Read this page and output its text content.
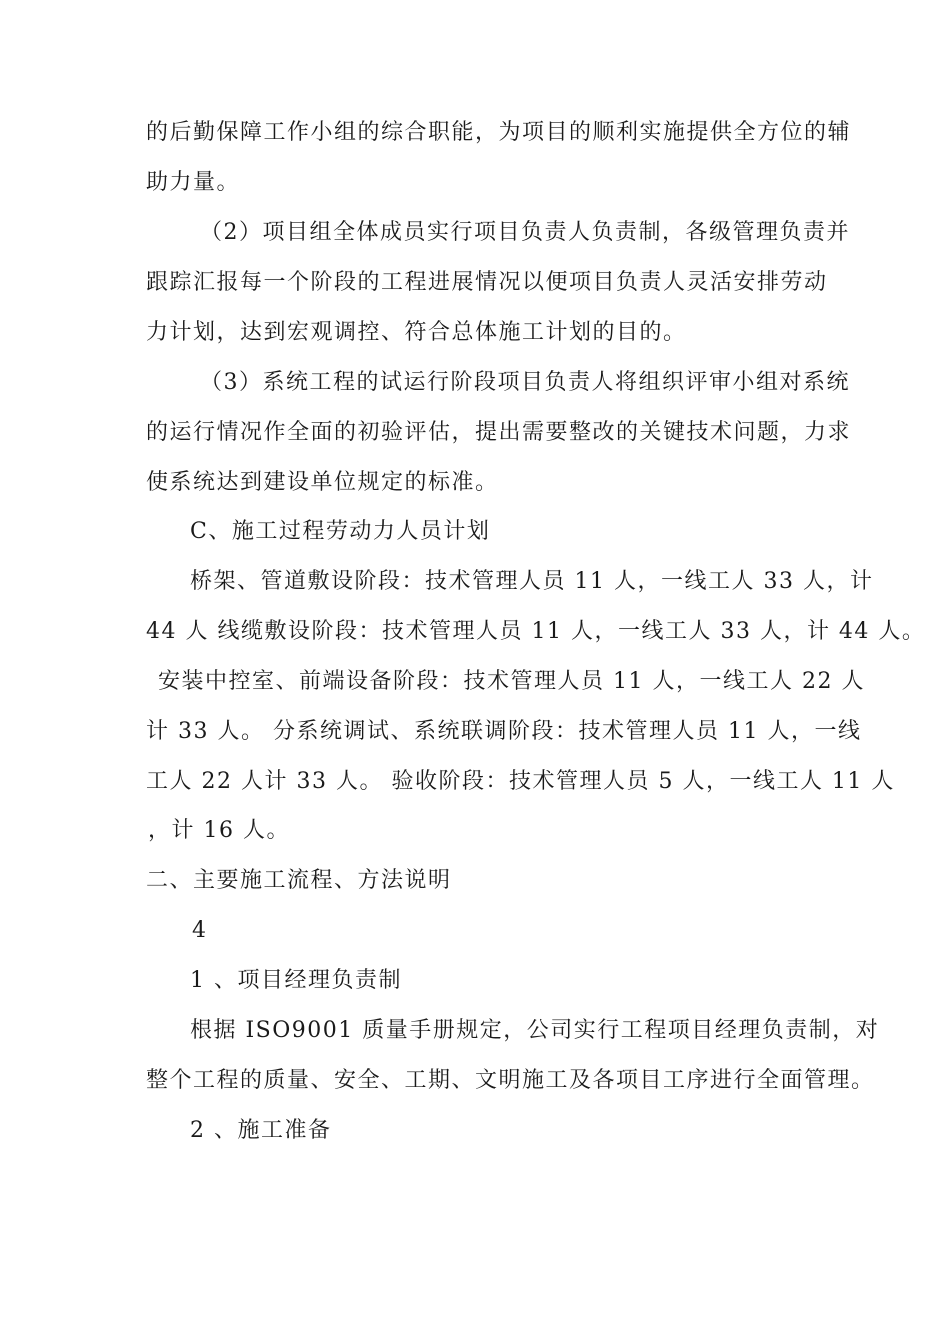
的后勤保障工作小组的综合职能，为项目的顺利实施提供全方位的辅
助力量。
（2）项目组全体成员实行项目负责人负责制，各级管理负责并
跟踪汇报每一个阶段的工程进展情况以便项目负责人灵活安排劳动
力计划，达到宏观调控、符合总体施工计划的目的。
（3）系统工程的试运行阶段项目负责人将组织评审小组对系统
的运行情况作全面的初验评估，提出需要整改的关键技术问题，力求
使系统达到建设单位规定的标准。
C、施工过程劳动力人员计划
桥架、管道敷设阶段：技术管理人员 11 人，一线工人 33 人，计
44 人 线缆敷设阶段：技术管理人员 11 人，一线工人 33 人，计 44 人。
安装中控室、前端设备阶段：技术管理人员 11 人，一线工人 22 人
计 33 人。 分系统调试、系统联调阶段：技术管理人员 11 人，一线
工人 22 人计 33 人。 验收阶段：技术管理人员 5 人，一线工人 11 人
，计 16 人。
二、主要施工流程、方法说明
4
1 、项目经理负责制
根据 ISO9001 质量手册规定，公司实行工程项目经理负责制，对
整个工程的质量、安全、工期、文明施工及各项目工序进行全面管理。
2 、施工准备
